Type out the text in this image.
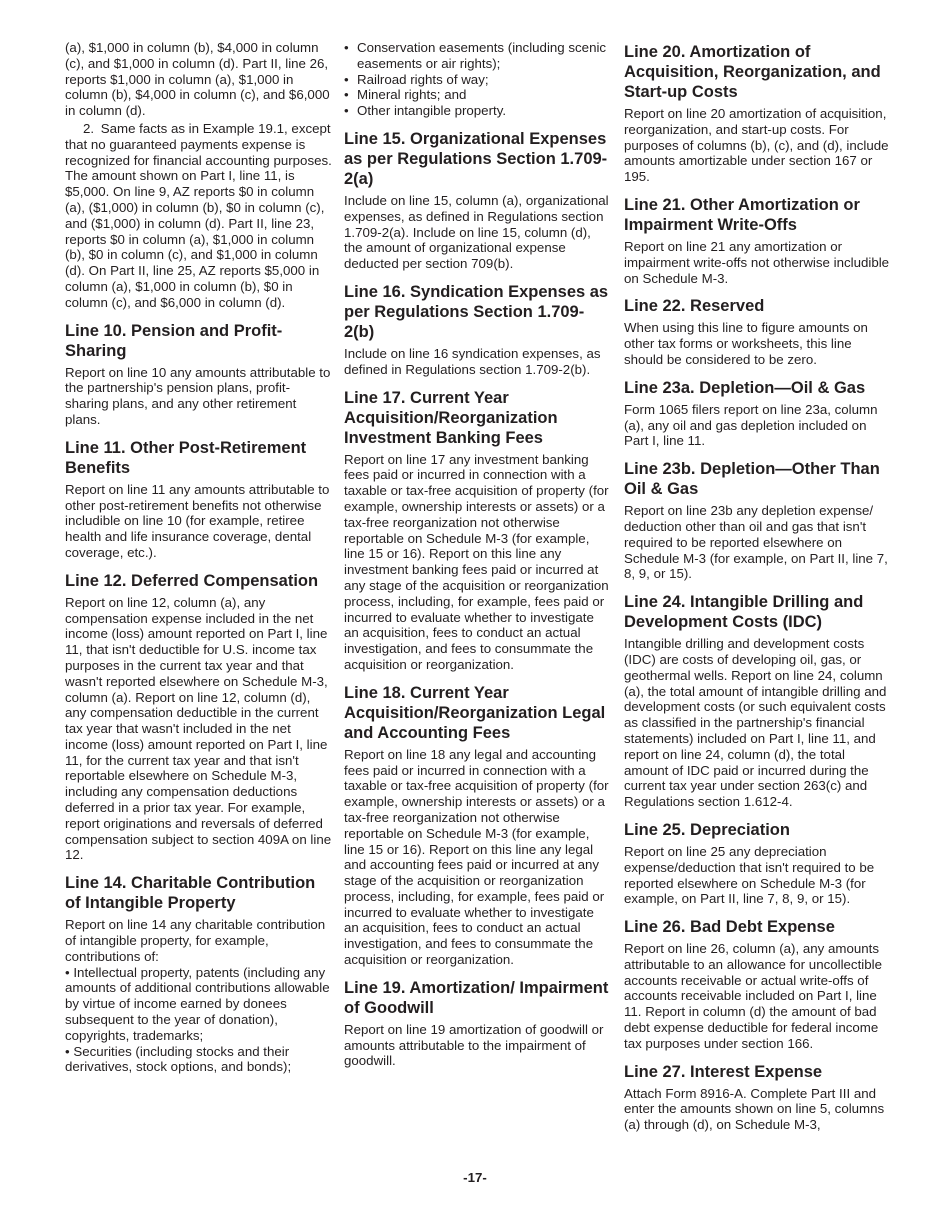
(a), $1,000 in column (b), $4,000 in column (c), and $1,000 in column (d). Part II, line 26, reports $1,000 in column (a), $1,000 in column (b), $4,000 in column (c), and $6,000 in column (d).

2. Same facts as in Example 19.1, except that no guaranteed payments expense is recognized for financial accounting purposes. The amount shown on Part I, line 11, is $5,000. On line 9, AZ reports $0 in column (a), ($1,000) in column (b), $0 in column (c), and ($1,000) in column (d). Part II, line 23, reports $0 in column (a), $1,000 in column (b), $0 in column (c), and $1,000 in column (d). On Part II, line 25, AZ reports $5,000 in column (a), $1,000 in column (b), $0 in column (c), and $6,000 in column (d).

Line 10. Pension and Profit-Sharing

Report on line 10 any amounts attributable to the partnership's pension plans, profit-sharing plans, and any other retirement plans.

Line 11. Other Post-Retirement Benefits

Report on line 11 any amounts attributable to other post-retirement benefits not otherwise includible on line 10 (for example, retiree health and life insurance coverage, dental coverage, etc.).

Line 12. Deferred Compensation

Report on line 12, column (a), any compensation expense included in the net income (loss) amount reported on Part I, line 11, that isn't deductible for U.S. income tax purposes in the current tax year and that wasn't reported elsewhere on Schedule M-3, column (a). Report on line 12, column (d), any compensation deductible in the current tax year that wasn't included in the net income (loss) amount reported on Part I, line 11, for the current tax year and that isn't reportable elsewhere on Schedule M-3, including any compensation deductions deferred in a prior tax year. For example, report originations and reversals of deferred compensation subject to section 409A on line 12.

Line 14. Charitable Contribution of Intangible Property

Report on line 14 any charitable contribution of intangible property, for example, contributions of:

• Intellectual property, patents (including any amounts of additional contributions allowable by virtue of income earned by donees subsequent to the year of donation), copyrights, trademarks;

• Securities (including stocks and their derivatives, stock options, and bonds);

• Conservation easements (including scenic easements or air rights);

• Railroad rights of way;

• Mineral rights; and

• Other intangible property.

Line 15. Organizational Expenses as per Regulations Section 1.709-2(a)

Include on line 15, column (a), organizational expenses, as defined in Regulations section 1.709-2(a). Include on line 15, column (d), the amount of organizational expense deducted per section 709(b).

Line 16. Syndication Expenses as per Regulations Section 1.709-2(b)

Include on line 16 syndication expenses, as defined in Regulations section 1.709-2(b).

Line 17. Current Year Acquisition/Reorganization Investment Banking Fees

Report on line 17 any investment banking fees paid or incurred in connection with a taxable or tax-free acquisition of property (for example, ownership interests or assets) or a tax-free reorganization not otherwise reportable on Schedule M-3 (for example, line 15 or 16). Report on this line any investment banking fees paid or incurred at any stage of the acquisition or reorganization process, including, for example, fees paid or incurred to evaluate whether to investigate an acquisition, fees to conduct an actual investigation, and fees to consummate the acquisition or reorganization.

Line 18. Current Year Acquisition/Reorganization Legal and Accounting Fees

Report on line 18 any legal and accounting fees paid or incurred in connection with a taxable or tax-free acquisition of property (for example, ownership interests or assets) or a tax-free reorganization not otherwise reportable on Schedule M-3 (for example, line 15 or 16). Report on this line any legal and accounting fees paid or incurred at any stage of the acquisition or reorganization process, including, for example, fees paid or incurred to evaluate whether to investigate an acquisition, fees to conduct an actual investigation, and fees to consummate the acquisition or reorganization.

Line 19. Amortization/ Impairment of Goodwill

Report on line 19 amortization of goodwill or amounts attributable to the impairment of goodwill.

Line 20. Amortization of Acquisition, Reorganization, and Start-up Costs

Report on line 20 amortization of acquisition, reorganization, and start-up costs. For purposes of columns (b), (c), and (d), include amounts amortizable under section 167 or 195.

Line 21. Other Amortization or Impairment Write-Offs

Report on line 21 any amortization or impairment write-offs not otherwise includible on Schedule M-3.

Line 22. Reserved

When using this line to figure amounts on other tax forms or worksheets, this line should be considered to be zero.

Line 23a. Depletion—Oil & Gas

Form 1065 filers report on line 23a, column (a), any oil and gas depletion included on Part I, line 11.

Line 23b. Depletion—Other Than Oil & Gas

Report on line 23b any depletion expense/ deduction other than oil and gas that isn't required to be reported elsewhere on Schedule M-3 (for example, on Part II, line 7, 8, 9, or 15).

Line 24. Intangible Drilling and Development Costs (IDC)

Intangible drilling and development costs (IDC) are costs of developing oil, gas, or geothermal wells. Report on line 24, column (a), the total amount of intangible drilling and development costs (or such equivalent costs as classified in the partnership's financial statements) included on Part I, line 11, and report on line 24, column (d), the total amount of IDC paid or incurred during the current tax year under section 263(c) and Regulations section 1.612-4.

Line 25. Depreciation

Report on line 25 any depreciation expense/deduction that isn't required to be reported elsewhere on Schedule M-3 (for example, on Part II, line 7, 8, 9, or 15).

Line 26. Bad Debt Expense

Report on line 26, column (a), any amounts attributable to an allowance for uncollectible accounts receivable or actual write-offs of accounts receivable included on Part I, line 11. Report in column (d) the amount of bad debt expense deductible for federal income tax purposes under section 166.

Line 27. Interest Expense

Attach Form 8916-A. Complete Part III and enter the amounts shown on line 5, columns (a) through (d), on Schedule M-3,

-17-
